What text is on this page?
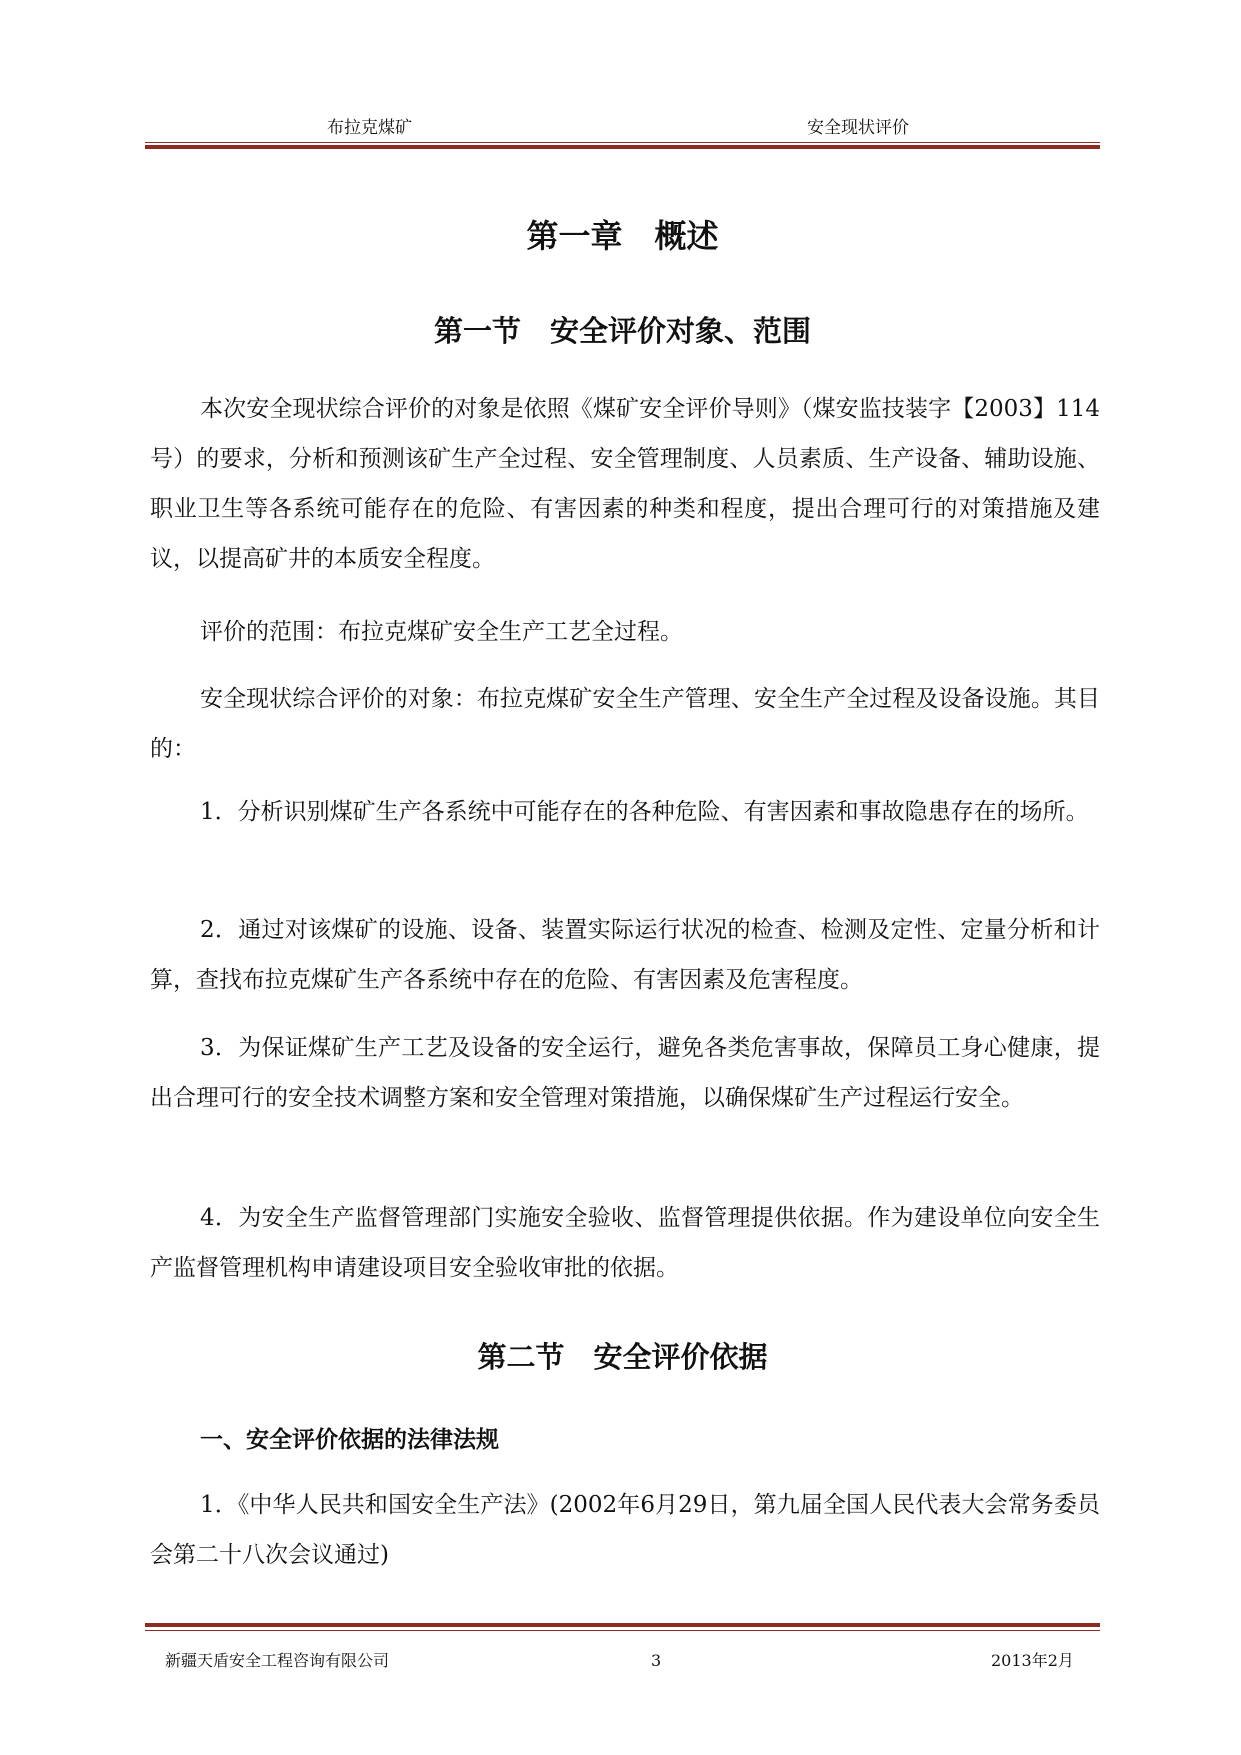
布拉克煤矿	安全现状评价
第一章　概述
第一节　安全评价对象、范围

本次安全现状综合评价的对象是依照《煤矿安全评价导则》（煤安监技装字【2003】114号）的要求，分析和预测该矿生产全过程、安全管理制度、人员素质、生产设备、辅助设施、职业卫生等各系统可能存在的危险、有害因素的种类和程度，提出合理可行的对策措施及建议，以提高矿井的本质安全程度。

评价的范围：布拉克煤矿安全生产工艺全过程。

安全现状综合评价的对象：布拉克煤矿安全生产管理、安全生产全过程及设备设施。其目的：

1．分析识别煤矿生产各系统中可能存在的各种危险、有害因素和事故隐患存在的场所。

2．通过对该煤矿的设施、设备、装置实际运行状况的检查、检测及定性、定量分析和计算，查找布拉克煤矿生产各系统中存在的危险、有害因素及危害程度。

3．为保证煤矿生产工艺及设备的安全运行，避免各类危害事故，保障员工身心健康，提出合理可行的安全技术调整方案和安全管理对策措施，以确保煤矿生产过程运行安全。

4．为安全生产监督管理部门实施安全验收、监督管理提供依据。作为建设单位向安全生产监督管理机构申请建设项目安全验收审批的依据。

第二节　安全评价依据
一、安全评价依据的法律法规

1．《中华人民共和国安全生产法》(2002年6月29日，第九届全国人民代表大会常务委员会第二十八次会议通过)

新疆天盾安全工程咨询有限公司	3	2013年2月
